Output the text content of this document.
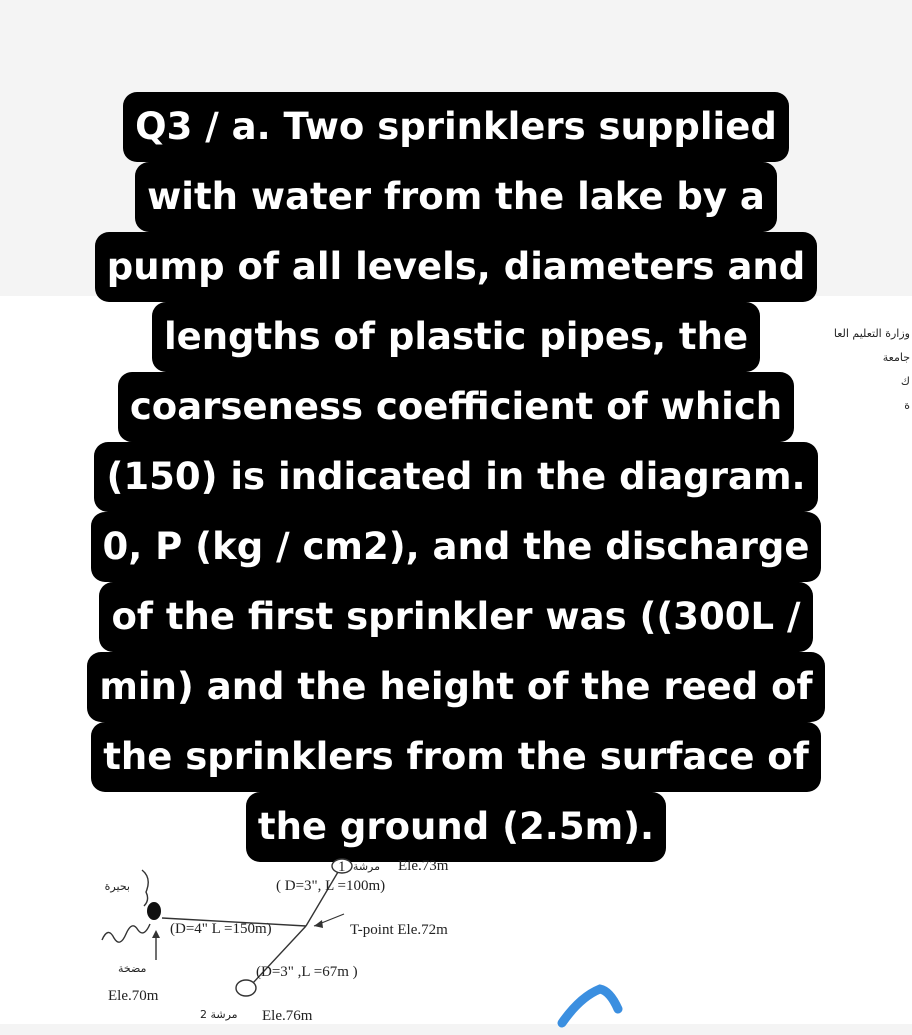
وزارة التعليم العا
جامعة
ك
ة
Q3 / a. Two sprinklers supplied
with water from the lake by a
pump of all levels, diameters and
lengths of plastic pipes, the
coarseness coefficient of which
(150) is indicated in the diagram.
0, P (kg / cm2), and the discharge
of the first sprinkler was ((300L /
min) and the height of the reed of
the sprinklers from the surface of
the ground (2.5m).
بحيرة
مضخة
Ele.70m
(D=4" L =150m)
1 مرشة Ele.73m
( D=3", L =100m)
T-point Ele.72m
(D=3" ,L =67m )
2 مرشة Ele.76m
